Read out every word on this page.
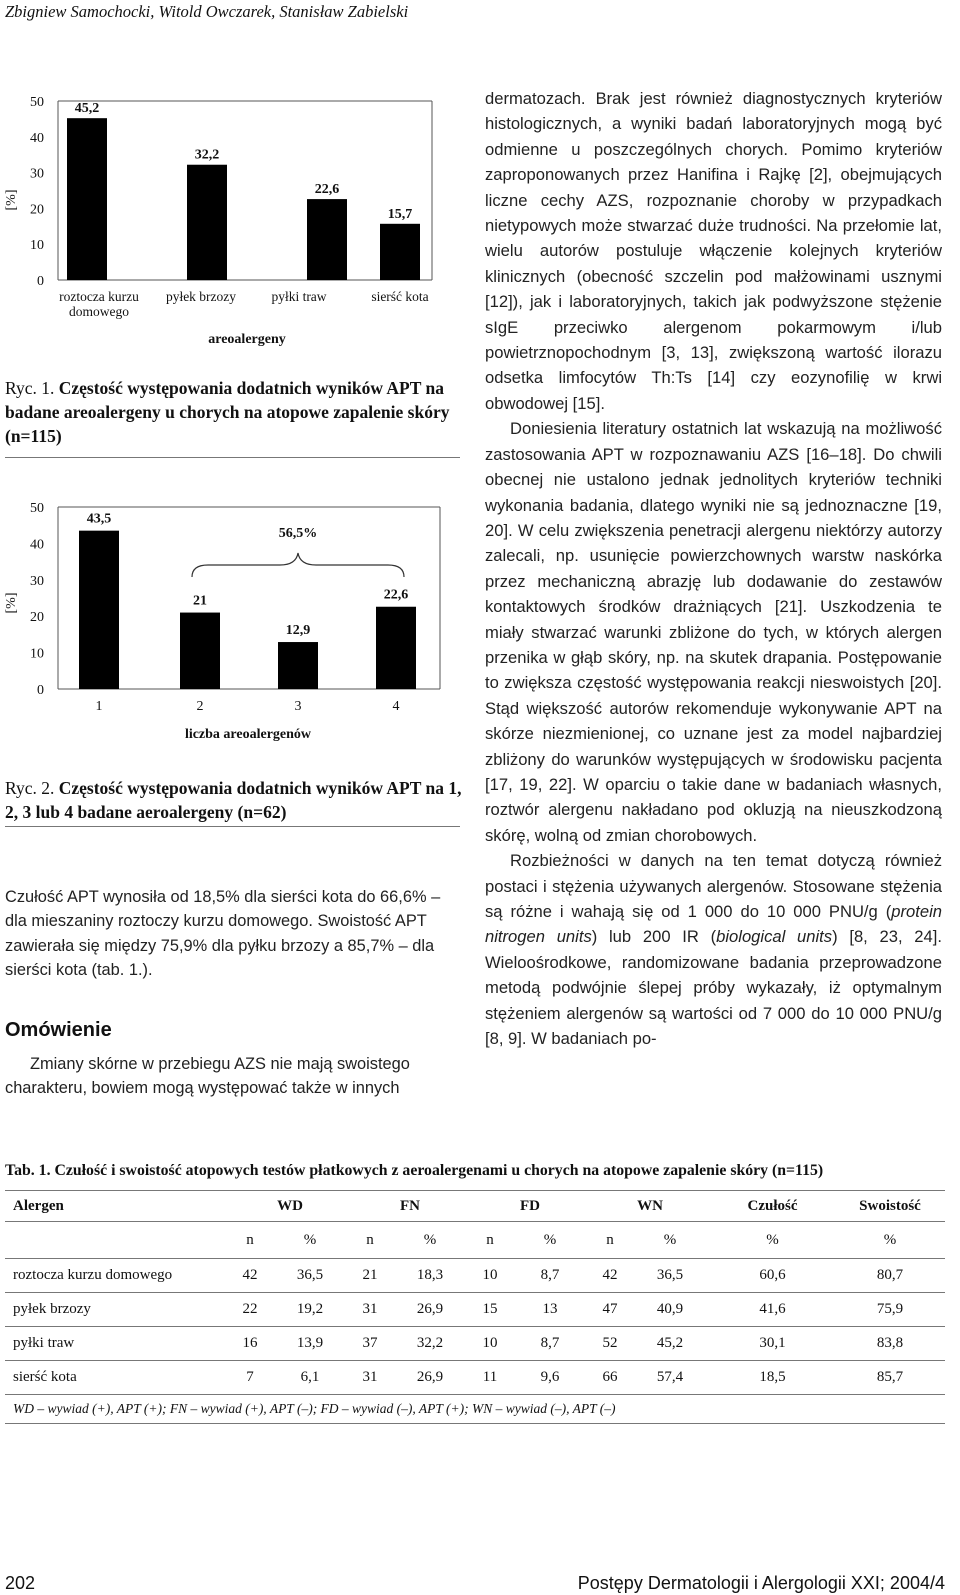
Zbigniew Samochocki, Witold Owczarek, Stanisław Zabielski
[%]
0
10
20
30
40
50 45,2
32,2
22,6
15,7
roztocza kurzu
domowego
pyłek brzozy	pyłki traw	sierść kota
areoalergeny
Ryc. 1. Częstość występowania dodatnich wyników APT na badane areoalergeny u chorych na atopowe zapalenie skóry (n=115)
[%]
0
10
20
30
40
50
43,5
21
12,9
22,6
1	2	3	4
56,5%
liczba areoalergenów
Ryc. 2. Częstość występowania dodatnich wyników APT na 1, 2, 3 lub 4 badane aeroalergeny (n=62)

Czułość APT wynosiła od 18,5% dla sierści kota do 66,6% – dla mieszaniny roztoczy kurzu domowego. Swoistość APT zawierała się między 75,9% dla pyłku brzozy a 85,7% – dla sierści kota (tab. 1.).

Omówienie

Zmiany skórne w przebiegu AZS nie mają swoistego charakteru, bowiem mogą występować także w innych

dermatozach. Brak jest również diagnostycznych kryteriów histologicznych, a wyniki badań laboratoryjnych mogą być odmienne u poszczególnych chorych. Pomimo kryteriów zaproponowanych przez Hanifina i Rajkę [2], obejmujących liczne cechy AZS, rozpoznanie choroby w przypadkach nietypowych może stwarzać duże trudności. Na przełomie lat, wielu autorów postuluje włączenie kolejnych kryteriów klinicznych (obecność szczelin pod małżowinami usznymi [12]), jak i laboratoryjnych, takich jak podwyższone stężenie sIgE przeciwko alergenom pokarmowym i/lub powietrznopochodnym [3, 13], zwiększoną wartość ilorazu odsetka limfocytów Th:Ts [14] czy eozynofilię w krwi obwodowej [15].

Doniesienia literatury ostatnich lat wskazują na możliwość zastosowania APT w rozpoznawaniu AZS [16–18]. Do chwili obecnej nie ustalono jednak jednolitych kryteriów techniki wykonania badania, dlatego wyniki nie są jednoznaczne [19, 20]. W celu zwiększenia penetracji alergenu niektórzy autorzy zalecali, np. usunięcie powierzchownych warstw naskórka przez mechaniczną abrazję lub dodawanie do zestawów kontaktowych środków drażniących [21]. Uszkodzenia te miały stwarzać warunki zbliżone do tych, w których alergen przenika w głąb skóry, np. na skutek drapania. Postępowanie to zwiększa częstość występowania reakcji nieswoistych [20]. Stąd większość autorów rekomenduje wykonywanie APT na skórze niezmienionej, co uznane jest za model najbardziej zbliżony do warunków występujących w środowisku pacjenta [17, 19, 22]. W oparciu o takie dane w badaniach własnych, roztwór alergenu nakładano pod okluzją na nieuszkodzoną skórę, wolną od zmian chorobowych.

Rozbieżności w danych na ten temat dotyczą również postaci i stężenia używanych alergenów. Stosowane stężenia są różne i wahają się od 1 000 do 10 000 PNU/g (protein nitrogen units) lub 200 IR (biological units) [8, 23, 24]. Wieloośrodkowe, randomizowane badania przeprowadzone metodą podwójnie ślepej próby wykazały, iż optymalnym stężeniem alergenów są wartości od 7 000 do 10 000 PNU/g [8, 9]. W badaniach po-

Tab. 1. Czułość i swoistość atopowych testów płatkowych z aeroalergenami u chorych na atopowe zapalenie skóry (n=115)
Alergen	WD		FN		FD		WN		Czułość	Swoistość
	n	%	n	%	n	%	n	%	%	%
roztocza kurzu domowego	42	36,5	21	18,3	10	8,7	42	36,5	60,6	80,7
pyłek brzozy	22	19,2	31	26,9	15	13	47	40,9	41,6	75,9
pyłki traw	16	13,9	37	32,2	10	8,7	52	45,2	30,1	83,8
sierść kota	7	6,1	31	26,9	11	9,6	66	57,4	18,5	85,7
WD – wywiad (+), APT (+); FN – wywiad (+), APT (–); FD – wywiad (–), APT (+); WN – wywiad (–), APT (–)										
202	Postępy Dermatologii i Alergologii XXI; 2004/4
